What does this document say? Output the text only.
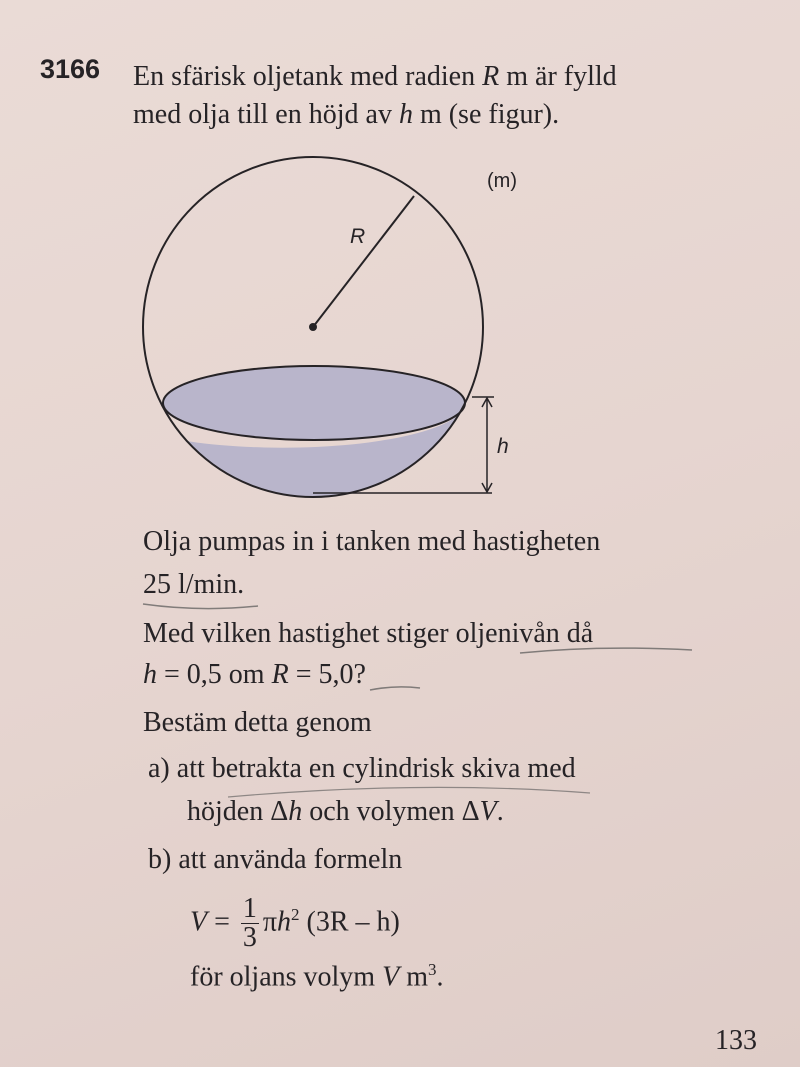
3166 En sfärisk oljetank med radien R m är fylld
med olja till en höjd av h m (se figur).
(m)
R
h
Olja pumpas in i tanken med hastigheten
25 l/min.
Med vilken hastighet stiger oljenivån då
h = 0,5 om R = 5,0?
Bestäm detta genom
a) att betrakta en cylindrisk skiva med
höjden Δh och volymen ΔV.
b) att använda formeln
$V = \frac{1}{3} \pi h^2$ (3R – h)
för oljans volym V $m^3$.
133
